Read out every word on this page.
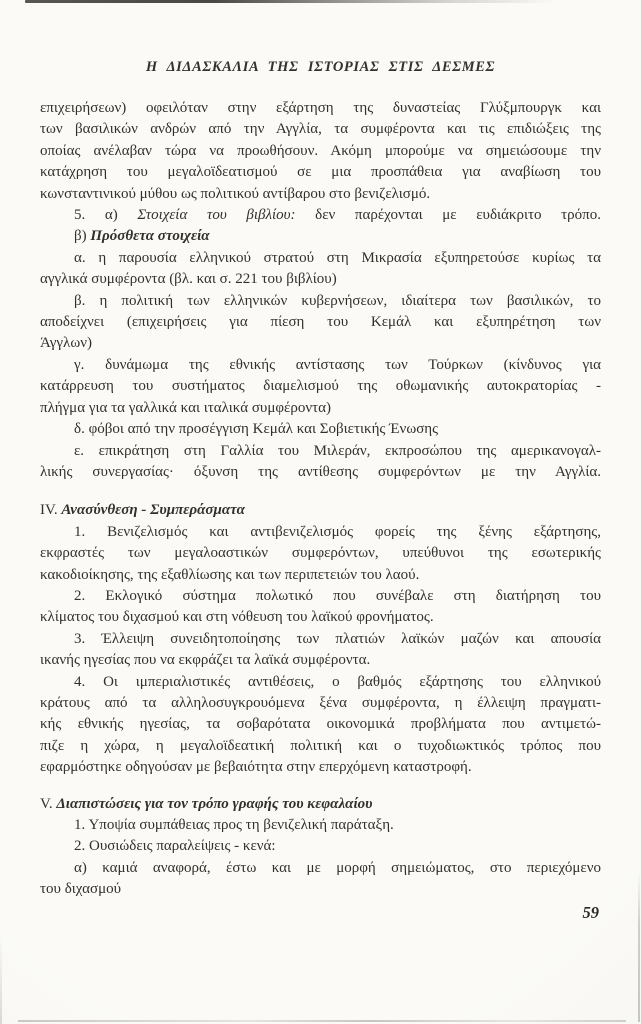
Η ΔΙΔΑΣΚΑΛΙΑ ΤΗΣ ΙΣΤΟΡΙΑΣ ΣΤΙΣ ΔΕΣΜΕΣ
επιχειρήσεων) οφειλόταν στην εξάρτηση της δυναστείας Γλύξμπουργκ και
των βασιλικών ανδρών από την Αγγλία, τα συμφέροντα και τις επιδιώξεις της
οποίας ανέλαβαν τώρα να προωθήσουν. Ακόμη μπορούμε να σημειώσουμε την
κατάχρηση του μεγαλοϊδεατισμού σε μια προσπάθεια για αναβίωση του
κωνσταντινικού μύθου ως πολιτικού αντίβαρου στο βενιζελισμό.
5. α) Στοιχεία του βιβλίου: δεν παρέχονται με ευδιάκριτο τρόπο.
β) Πρόσθετα στοιχεία
α. η παρουσία ελληνικού στρατού στη Μικρασία εξυπηρετούσε κυρίως τα
αγγλικά συμφέροντα (βλ. και σ. 221 του βιβλίου)
β. η πολιτική των ελληνικών κυβερνήσεων, ιδιαίτερα των βασιλικών, το
αποδείχνει (επιχειρήσεις για πίεση του Κεμάλ και εξυπηρέτηση των
Άγγλων)
γ. δυνάμωμα της εθνικής αντίστασης των Τούρκων (κίνδυνος για
κατάρρευση του συστήματος διαμελισμού της οθωμανικής αυτοκρατορίας -
πλήγμα για τα γαλλικά και ιταλικά συμφέροντα)
δ. φόβοι από την προσέγγιση Κεμάλ και Σοβιετικής Ένωσης
ε. επικράτηση στη Γαλλία του Μιλεράν, εκπροσώπου της αμερικανογαλ-
λικής συνεργασίας· όξυνση της αντίθεσης συμφερόντων με την Αγγλία.
IV. Ανασύνθεση - Συμπεράσματα
1. Βενιζελισμός και αντιβενιζελισμός φορείς της ξένης εξάρτησης,
εκφραστές των μεγαλοαστικών συμφερόντων, υπεύθυνοι της εσωτερικής
κακοδιοίκησης, της εξαθλίωσης και των περιπετειών του λαού.
2. Εκλογικό σύστημα πολωτικό που συνέβαλε στη διατήρηση του
κλίματος του διχασμού και στη νόθευση του λαϊκού φρονήματος.
3. Έλλειψη συνειδητοποίησης των πλατιών λαϊκών μαζών και απουσία
ικανής ηγεσίας που να εκφράζει τα λαϊκά συμφέροντα.
4. Οι ιμπεριαλιστικές αντιθέσεις, ο βαθμός εξάρτησης του ελληνικού
κράτους από τα αλληλοσυγκρουόμενα ξένα συμφέροντα, η έλλειψη πραγματι-
κής εθνικής ηγεσίας, τα σοβαρότατα οικονομικά προβλήματα που αντιμετώ-
πιζε η χώρα, η μεγαλοϊδεατική πολιτική και ο τυχοδιωκτικός τρόπος που
εφαρμόστηκε οδηγούσαν με βεβαιότητα στην επερχόμενη καταστροφή.
V. Διαπιστώσεις για τον τρόπο γραφής του κεφαλαίου
1. Υποψία συμπάθειας προς τη βενιζελική παράταξη.
2. Ουσιώδεις παραλείψεις - κενά:
α) καμιά αναφορά, έστω και με μορφή σημειώματος, στο περιεχόμενο
του διχασμού
59
